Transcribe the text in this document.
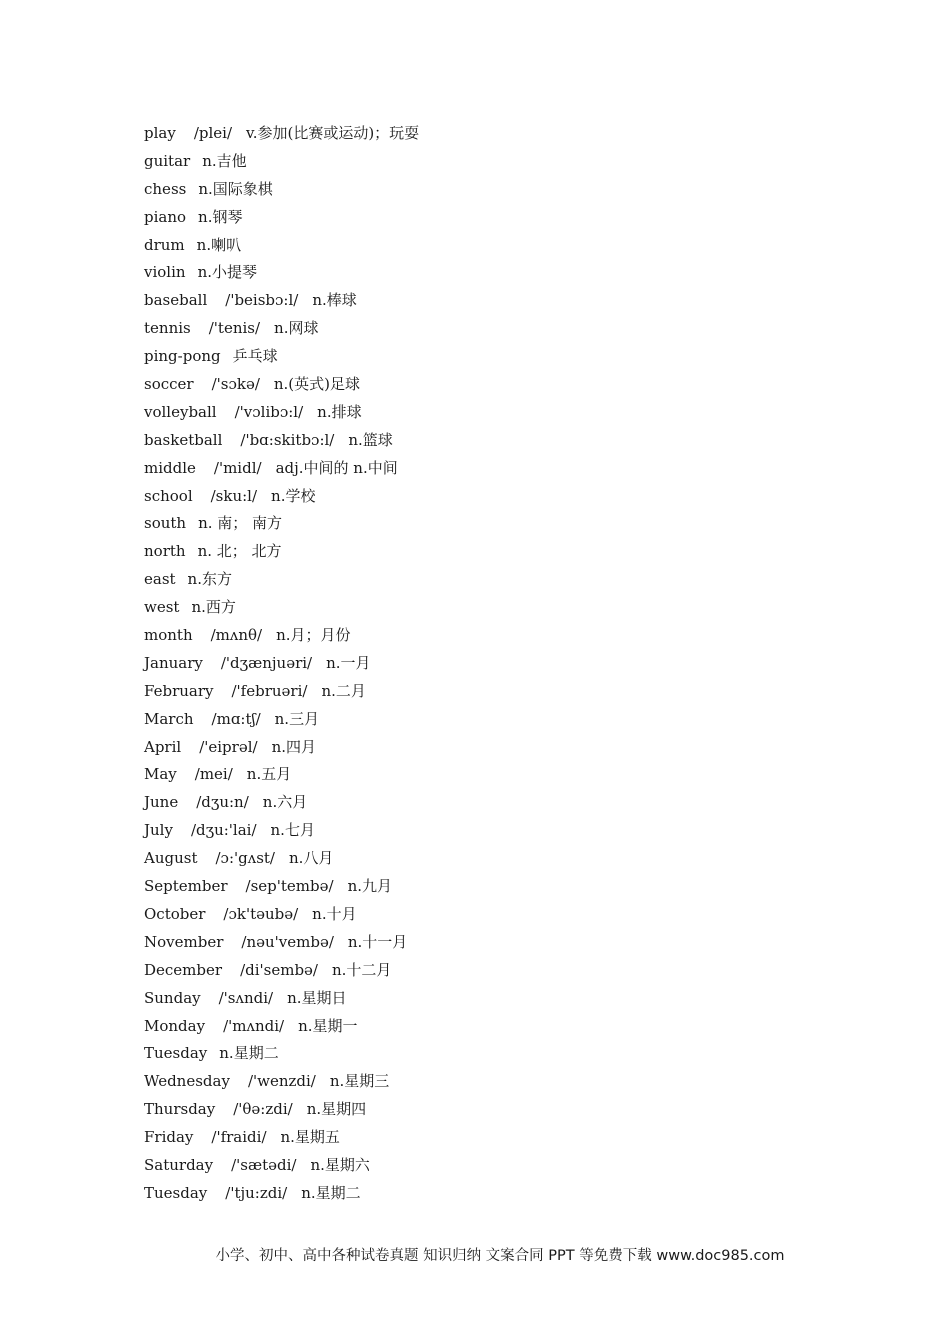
play /plei/ v.参加(比赛或运动)；玩耍
guitar n.吉他
chess n.国际象棋
piano n.钢琴
drum n.喇叭
violin n.小提琴
baseball /'beisbɔ:l/ n.棒球
tennis /'tenis/ n.网球
ping-pong 乒乓球
soccer /'sɔkə/ n.(英式)足球
volleyball /'vɔlibɔ:l/ n.排球
basketball /'bɑ:skitbɔ:l/ n.篮球
middle /'midl/ adj.中间的 n.中间
school /sku:l/ n.学校
south n. 南； 南方
north n. 北； 北方
east n.东方
west n.西方
month /mʌnθ/ n.月；月份
January /'dʒænjuəri/ n.一月
February /'februəri/ n.二月
March /mɑ:tʃ/ n.三月
April /'eiprəl/ n.四月
May /mei/ n.五月
June /dʒu:n/ n.六月
July /dʒu:'lai/ n.七月
August /ɔ:'gʌst/ n.八月
September /sep'tembə/ n.九月
October /ɔk'təubə/ n.十月
November /nəu'vembə/ n.十一月
December /di'sembə/ n.十二月
Sunday /'sʌndi/ n.星期日
Monday /'mʌndi/ n.星期一
Tuesday n.星期二
Wednesday /'wenzdi/ n.星期三
Thursday /'θə:zdi/ n.星期四
Friday /'fraidi/ n.星期五
Saturday /'sætədi/ n.星期六
Tuesday /'tju:zdi/ n.星期二
小学、初中、高中各种试卷真题 知识归纳 文案合同 PPT 等免费下载 www.doc985.com
